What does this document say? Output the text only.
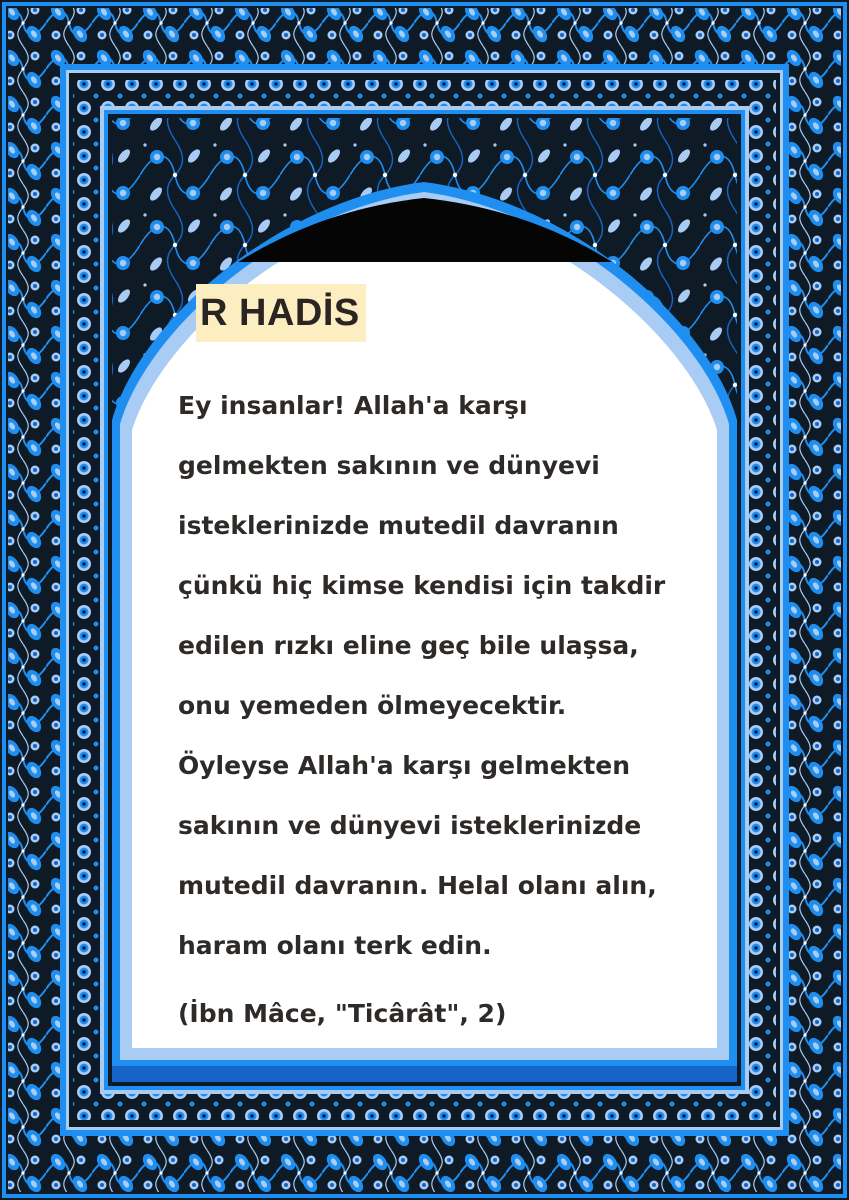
R HADİS
Ey insanlar! Allah'a karşı
gelmekten sakının ve dünyevi
isteklerinizde mutedil davranın
çünkü hiç kimse kendisi için takdir
edilen rızkı eline geç bile ulaşsa,
onu yemeden ölmeyecektir.
Öyleyse Allah'a karşı gelmekten
sakının ve dünyevi isteklerinizde
mutedil davranın. Helal olanı alın,
haram olanı terk edin.
(İbn Mâce, "Ticârât", 2)
